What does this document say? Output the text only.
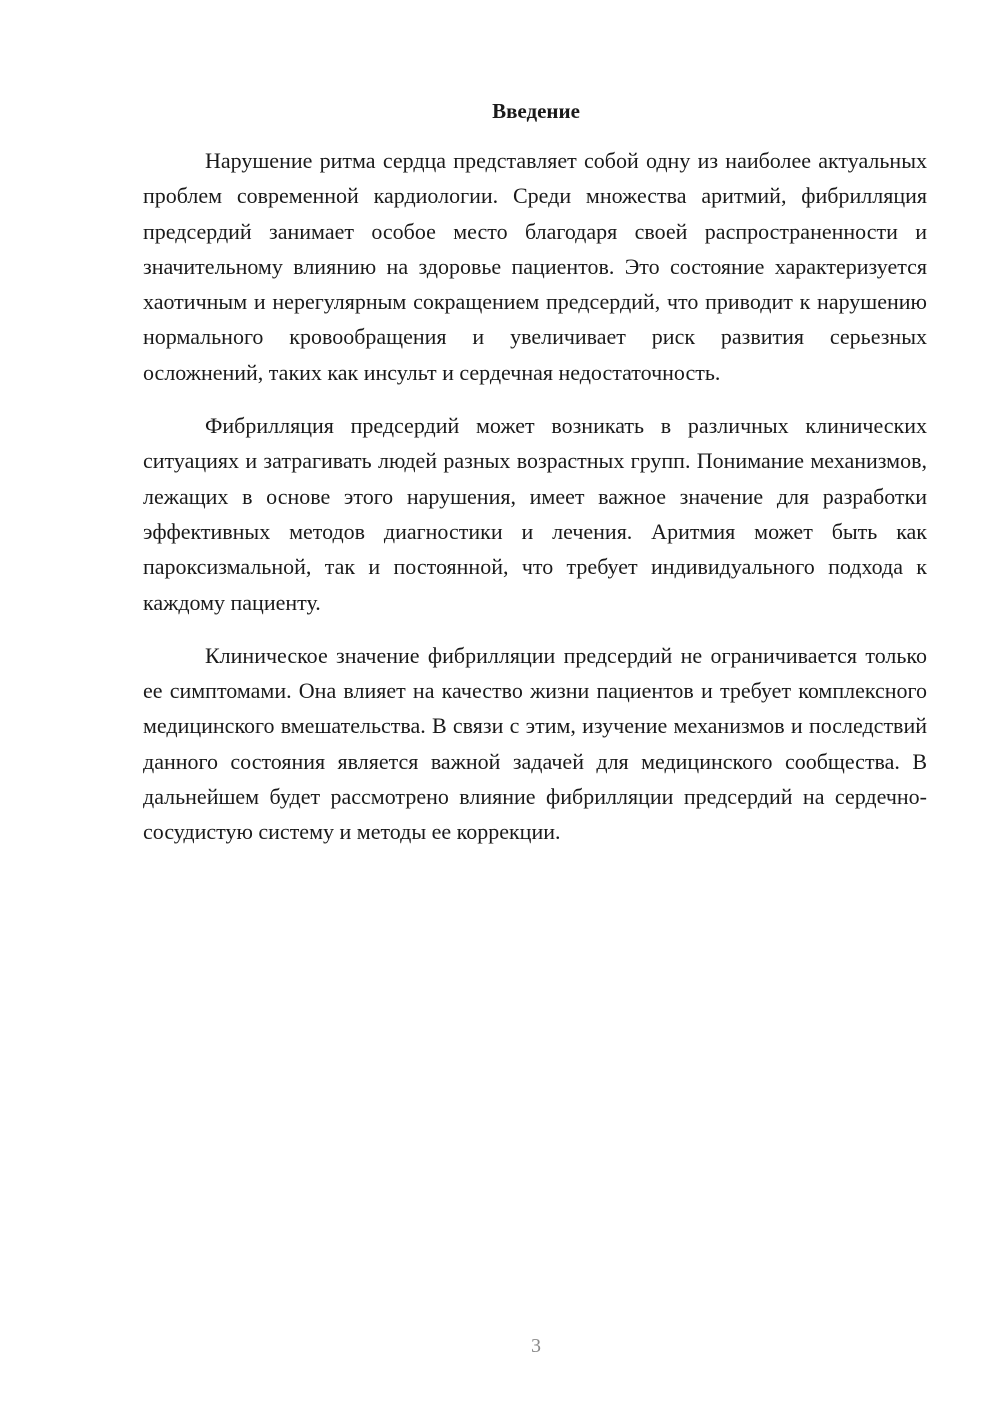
Введение

Нарушение ритма сердца представляет собой одну из наиболее актуальных проблем современной кардиологии. Среди множества аритмий, фибрилляция предсердий занимает особое место благодаря своей распространенности и значительному влиянию на здоровье пациентов. Это состояние характеризуется хаотичным и нерегулярным сокращением предсердий, что приводит к нарушению нормального кровообращения и увеличивает риск развития серьезных осложнений, таких как инсульт и сердечная недостаточность.

Фибрилляция предсердий может возникать в различных клинических ситуациях и затрагивать людей разных возрастных групп. Понимание механизмов, лежащих в основе этого нарушения, имеет важное значение для разработки эффективных методов диагностики и лечения. Аритмия может быть как пароксизмальной, так и постоянной, что требует индивидуального подхода к каждому пациенту.

Клиническое значение фибрилляции предсердий не ограничивается только ее симптомами. Она влияет на качество жизни пациентов и требует комплексного медицинского вмешательства. В связи с этим, изучение механизмов и последствий данного состояния является важной задачей для медицинского сообщества. В дальнейшем будет рассмотрено влияние фибрилляции предсердий на сердечно-сосудистую систему и методы ее коррекции.

3
